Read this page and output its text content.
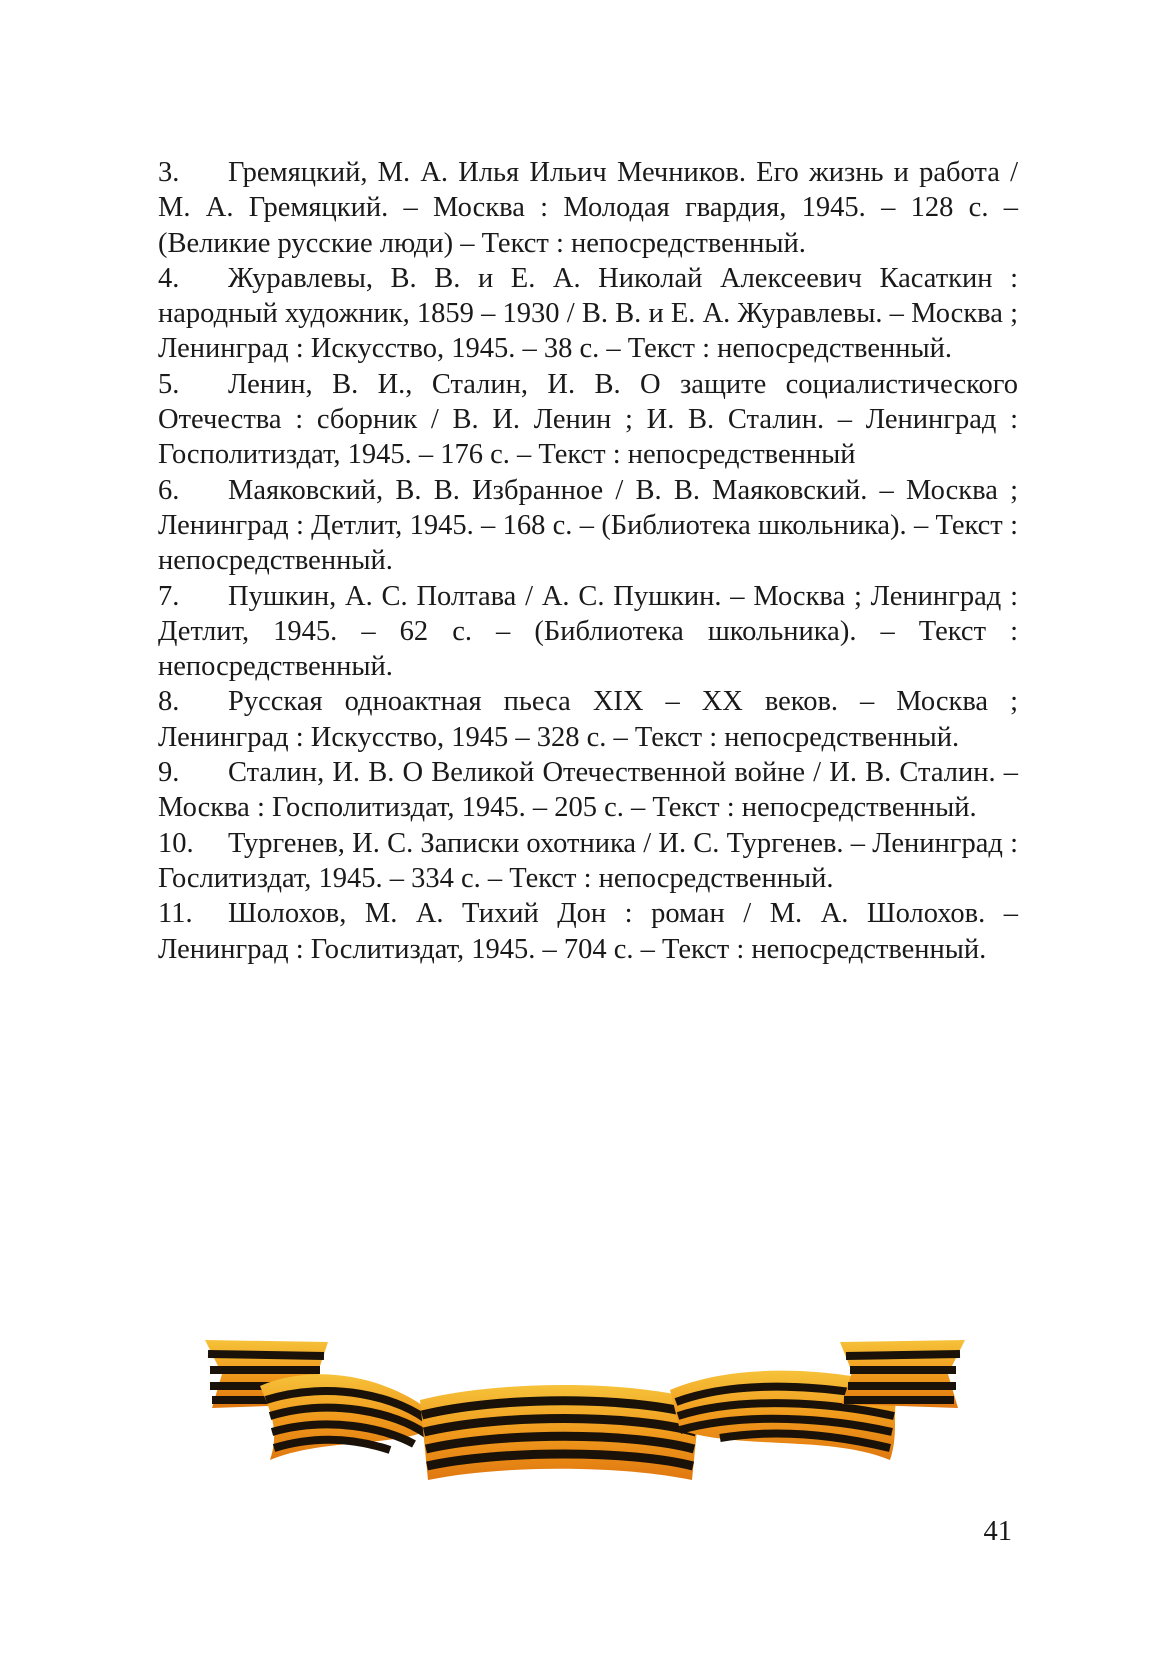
3. Гремяцкий, М. А. Илья Ильич Мечников. Его жизнь и работа / М. А. Гремяцкий. – Москва : Молодая гвардия, 1945. – 128 с. – (Великие русские люди) – Текст : непосредственный.

4. Журавлевы, В. В. и Е. А. Николай Алексеевич Касаткин : народный художник, 1859 – 1930 / В. В. и Е. А. Журавлевы. – Москва ; Ленинград : Искусство, 1945. – 38 с. – Текст : непосредственный.

5. Ленин, В. И., Сталин, И. В. О защите социалистического Отечества : сборник / В. И. Ленин ; И. В. Сталин. – Ленинград : Госполитиздат, 1945. – 176 с. – Текст : непосредственный

6. Маяковский, В. В. Избранное / В. В. Маяковский. – Москва ; Ленинград : Детлит, 1945. – 168 с. – (Библиотека школьника). – Текст : непосредственный.

7. Пушкин, А. С. Полтава / А. С. Пушкин. – Москва ; Ленинград : Детлит, 1945. – 62 с. – (Библиотека школьника). – Текст : непосредственный.

8. Русская одноактная пьеса XIX – XX веков. – Москва ; Ленинград : Искусство, 1945 – 328 с. – Текст : непосредственный.

9. Сталин, И. В. О Великой Отечественной войне / И. В. Сталин. – Москва : Госполитиздат, 1945. – 205 с. – Текст : непосредственный.

10. Тургенев, И. С. Записки охотника / И. С. Тургенев. – Ленинград : Гослитиздат, 1945. – 334 с. – Текст : непосредственный.

11. Шолохов, М. А. Тихий Дон : роман / М. А. Шолохов. – Ленинград : Гослитиздат, 1945. – 704 с. – Текст : непосредственный.

41
